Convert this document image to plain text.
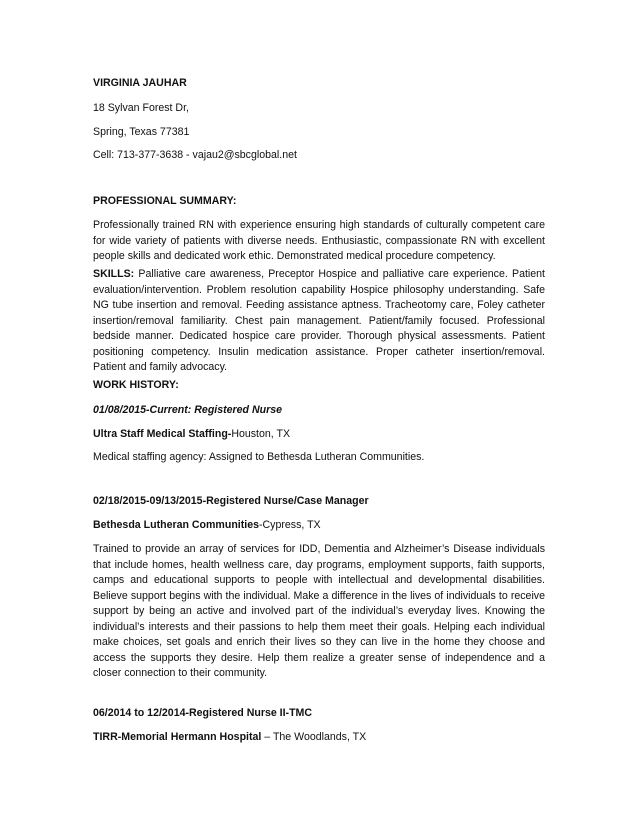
VIRGINIA JAUHAR

18 Sylvan Forest Dr,

Spring, Texas 77381

Cell: 713-377-3638 - vajau2@sbcglobal.net

PROFESSIONAL SUMMARY:

Professionally trained RN with experience ensuring high standards of culturally competent care for wide variety of patients with diverse needs. Enthusiastic, compassionate RN with excellent people skills and dedicated work ethic. Demonstrated medical procedure competency.

SKILLS: Palliative care awareness, Preceptor Hospice and palliative care experience. Patient evaluation/intervention. Problem resolution capability Hospice philosophy understanding. Safe NG tube insertion and removal. Feeding assistance aptness. Tracheotomy care, Foley catheter insertion/removal familiarity. Chest pain management. Patient/family focused. Professional bedside manner. Dedicated hospice care provider. Thorough physical assessments. Patient positioning competency. Insulin medication assistance. Proper catheter insertion/removal. Patient and family advocacy.

WORK HISTORY:

01/08/2015-Current: Registered Nurse

Ultra Staff Medical Staffing-Houston, TX

Medical staffing agency: Assigned to Bethesda Lutheran Communities.

02/18/2015-09/13/2015-Registered Nurse/Case Manager

Bethesda Lutheran Communities-Cypress, TX

Trained to provide an array of services for IDD, Dementia and Alzheimer’s Disease individuals that include homes, health wellness care, day programs, employment supports, faith supports, camps and educational supports to people with intellectual and developmental disabilities. Believe support begins with the individual. Make a difference in the lives of individuals to receive support by being an active and involved part of the individual’s everyday lives. Knowing the individual’s interests and their passions to help them meet their goals. Helping each individual make choices, set goals and enrich their lives so they can live in the home they choose and access the supports they desire. Help them realize a greater sense of independence and a closer connection to their community.

06/2014 to 12/2014-Registered Nurse II-TMC

TIRR-Memorial Hermann Hospital – The Woodlands, TX
